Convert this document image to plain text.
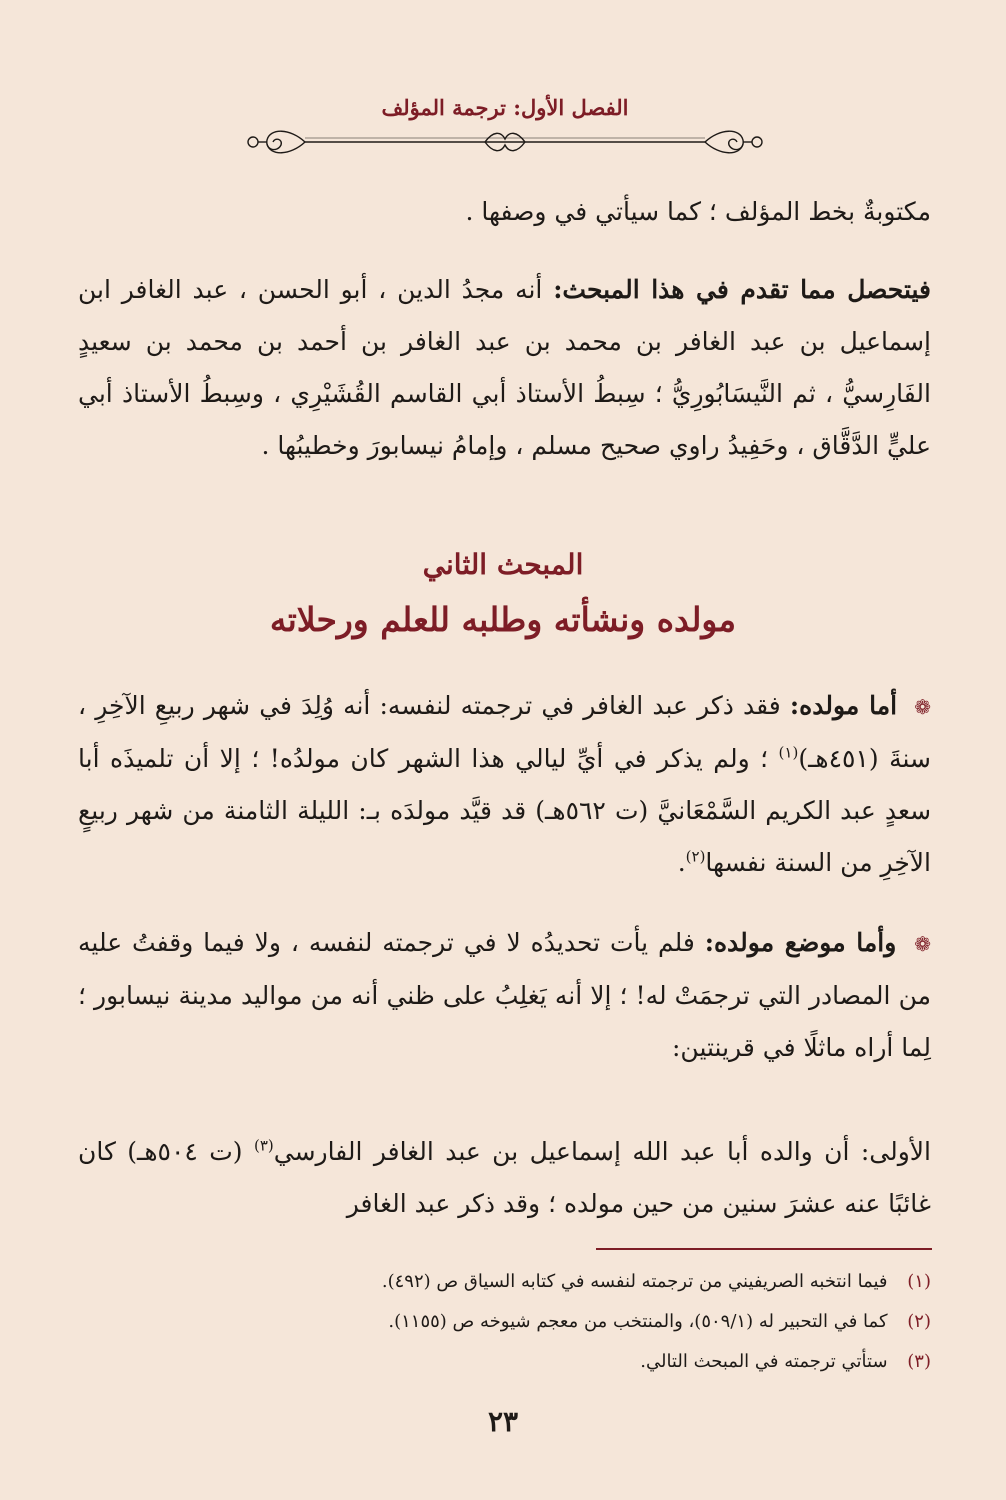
الفصل الأول: ترجمة المؤلف

مكتوبةٌ بخط المؤلف ؛ كما سيأتي في وصفها .

فيتحصل مما تقدم في هذا المبحث: أنه مجدُ الدين ، أبو الحسن ، عبد الغافر ابن إسماعيل بن عبد الغافر بن محمد بن عبد الغافر بن أحمد بن محمد بن سعيدٍ الفَارِسيُّ ، ثم النَّيسَابُورِيُّ ؛ سِبطُ الأستاذ أبي القاسم القُشَيْرِي ، وسِبطُ الأستاذ أبي عليٍّ الدَّقَّاق ، وحَفِيدُ راوي صحيح مسلم ، وإمامُ نيسابورَ وخطيبُها .

المبحث الثاني
مولده ونشأته وطلبه للعلم ورحلاته

❁ أما مولده: فقد ذكر عبد الغافر في ترجمته لنفسه: أنه وُلِدَ في شهر ربيعِ الآخِرِ ، سنةَ (٤٥١هـ)$^{(١)}$ ؛ ولم يذكر في أيِّ ليالي هذا الشهر كان مولدُه! ؛ إلا أن تلميذَه أبا سعدٍ عبد الكريم السَّمْعَانيَّ (ت ٥٦٢هـ) قد قيَّد مولدَه بـ: الليلة الثامنة من شهر ربيعٍ الآخِرِ من السنة نفسها$^{(٢)}$.

❁ وأما موضع مولده: فلم يأت تحديدُه لا في ترجمته لنفسه ، ولا فيما وقفتُ عليه من المصادر التي ترجمَتْ له! ؛ إلا أنه يَغلِبُ على ظني أنه من مواليد مدينة نيسابور ؛ لِما أراه ماثلًا في قرينتين:

الأولى: أن والده أبا عبد الله إسماعيل بن عبد الغافر الفارسي$^{(٣)}$ (ت ٥٠٤هـ) كان غائبًا عنه عشرَ سنين من حين مولده ؛ وقد ذكر عبد الغافر

(١) فيما انتخبه الصريفيني من ترجمته لنفسه في كتابه السياق ص (٤٩٢).
(٢) كما في التحبير له (٥٠٩/١)، والمنتخب من معجم شيوخه ص (١١٥٥).
(٣) ستأتي ترجمته في المبحث التالي.
٢٣
